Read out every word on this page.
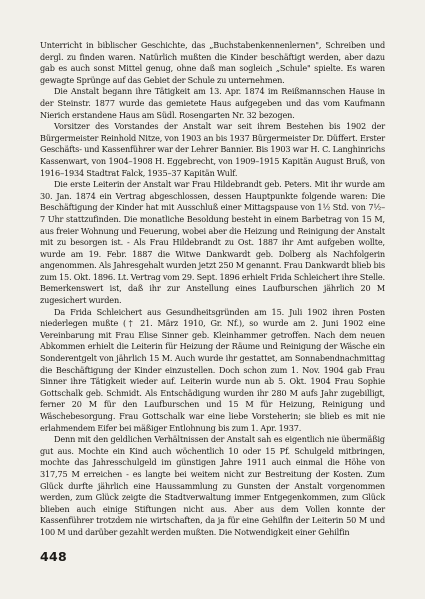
Unterricht in biblischer Geschichte, das „Buchstabenkennenlernen", Schreiben und dergl. zu finden waren. Natürlich mußten die Kinder beschäftigt werden, aber dazu gab es auch sonst Mittel genug, ohne daß man sogleich „Schule" spielte. Es waren gewagte Sprünge auf das Gebiet der Schule zu unternehmen.

Die Anstalt begann ihre Tätigkeit am 13. Apr. 1874 im Reißmannschen Hause in der Steinstr. 1877 wurde das gemietete Haus aufgegeben und das vom Kaufmann Nierich erstandene Haus am Südl. Rosengarten Nr. 32 bezogen.

Vorsitzer des Vorstandes der Anstalt war seit ihrem Bestehen bis 1902 der Bürgermeister Reinhold Nitze, von 1903 an bis 1937 Bürgermeister Dr. Düffert. Erster Geschäfts- und Kassenführer war der Lehrer Bannier. Bis 1903 war H. C. Langhinrichs Kassenwart, von 1904–1908 H. Eggebrecht, von 1909–1915 Kapitän August Bruß, von 1916–1934 Stadtrat Falck, 1935–37 Kapitän Wulf.

Die erste Leiterin der Anstalt war Frau Hildebrandt geb. Peters. Mit ihr wurde am 30. Jan. 1874 ein Vertrag abgeschlossen, dessen Hauptpunkte folgende waren: Die Beschäftigung der Kinder hat mit Ausschluß einer Mittagspause von 1½ Std. von 7½–7 Uhr stattzufinden. Die monatliche Besoldung besteht in einem Barbetrag von 15 M, aus freier Wohnung und Feuerung, wobei aber die Heizung und Reinigung der Anstalt mit zu besorgen ist. - Als Frau Hildebrandt zu Ost. 1887 ihr Amt aufgeben wollte, wurde am 19. Febr. 1887 die Witwe Dankwardt geb. Dolberg als Nachfolgerin angenommen. Als Jahresgehalt wurden jetzt 250 M genannt. Frau Dankwardt blieb bis zum 15. Okt. 1896. Lt. Vertrag vom 29. Sept. 1896 erhielt Frida Schleichert ihre Stelle. Bemerkenswert ist, daß ihr zur Anstellung eines Laufburschen jährlich 20 M zugesichert wurden.

Da Frida Schleichert aus Gesundheitsgründen am 15. Juli 1902 ihren Posten niederlegen mußte († 21. März 1910, Gr. Nf.), so wurde am 2. Juni 1902 eine Vereinbarung mit Frau Elise Sinner geb. Kleinhammer getroffen. Nach dem neuen Abkommen erhielt die Leiterin für Heizung der Räume und Reinigung der Wäsche ein Sonderentgelt von jährlich 15 M. Auch wurde ihr gestattet, am Sonnabendnachmittag die Beschäftigung der Kinder einzustellen. Doch schon zum 1. Nov. 1904 gab Frau Sinner ihre Tätigkeit wieder auf. Leiterin wurde nun ab 5. Okt. 1904 Frau Sophie Gottschalk geb. Schmidt. Als Entschädigung wurden ihr 280 M aufs Jahr zugebilligt, ferner 20 M für den Laufburschen und 15 M für Heizung, Reinigung und Wäschebesorgung. Frau Gottschalk war eine liebe Vorsteherin; sie blieb es mit nie erlahmendem Eifer bei mäßiger Entlohnung bis zum 1. Apr. 1937.

Denn mit den geldlichen Verhältnissen der Anstalt sah es eigentlich nie übermäßig gut aus. Mochte ein Kind auch wöchentlich 10 oder 15 Pf. Schulgeld mitbringen, mochte das Jahresschulgeld im günstigen Jahre 1911 auch einmal die Höhe von 317,75 M erreichen - es langte bei weitem nicht zur Bestreitung der Kosten. Zum Glück durfte jährlich eine Haussammlung zu Gunsten der Anstalt vorgenommen werden, zum Glück zeigte die Stadtverwaltung immer Entgegenkommen, zum Glück blieben auch einige Stiftungen nicht aus. Aber aus dem Vollen konnte der Kassenführer trotzdem nie wirtschaften, da ja für eine Gehilfin der Leiterin 50 M und 100 M und darüber gezahlt werden mußten. Die Notwendigkeit einer Gehilfin

448
